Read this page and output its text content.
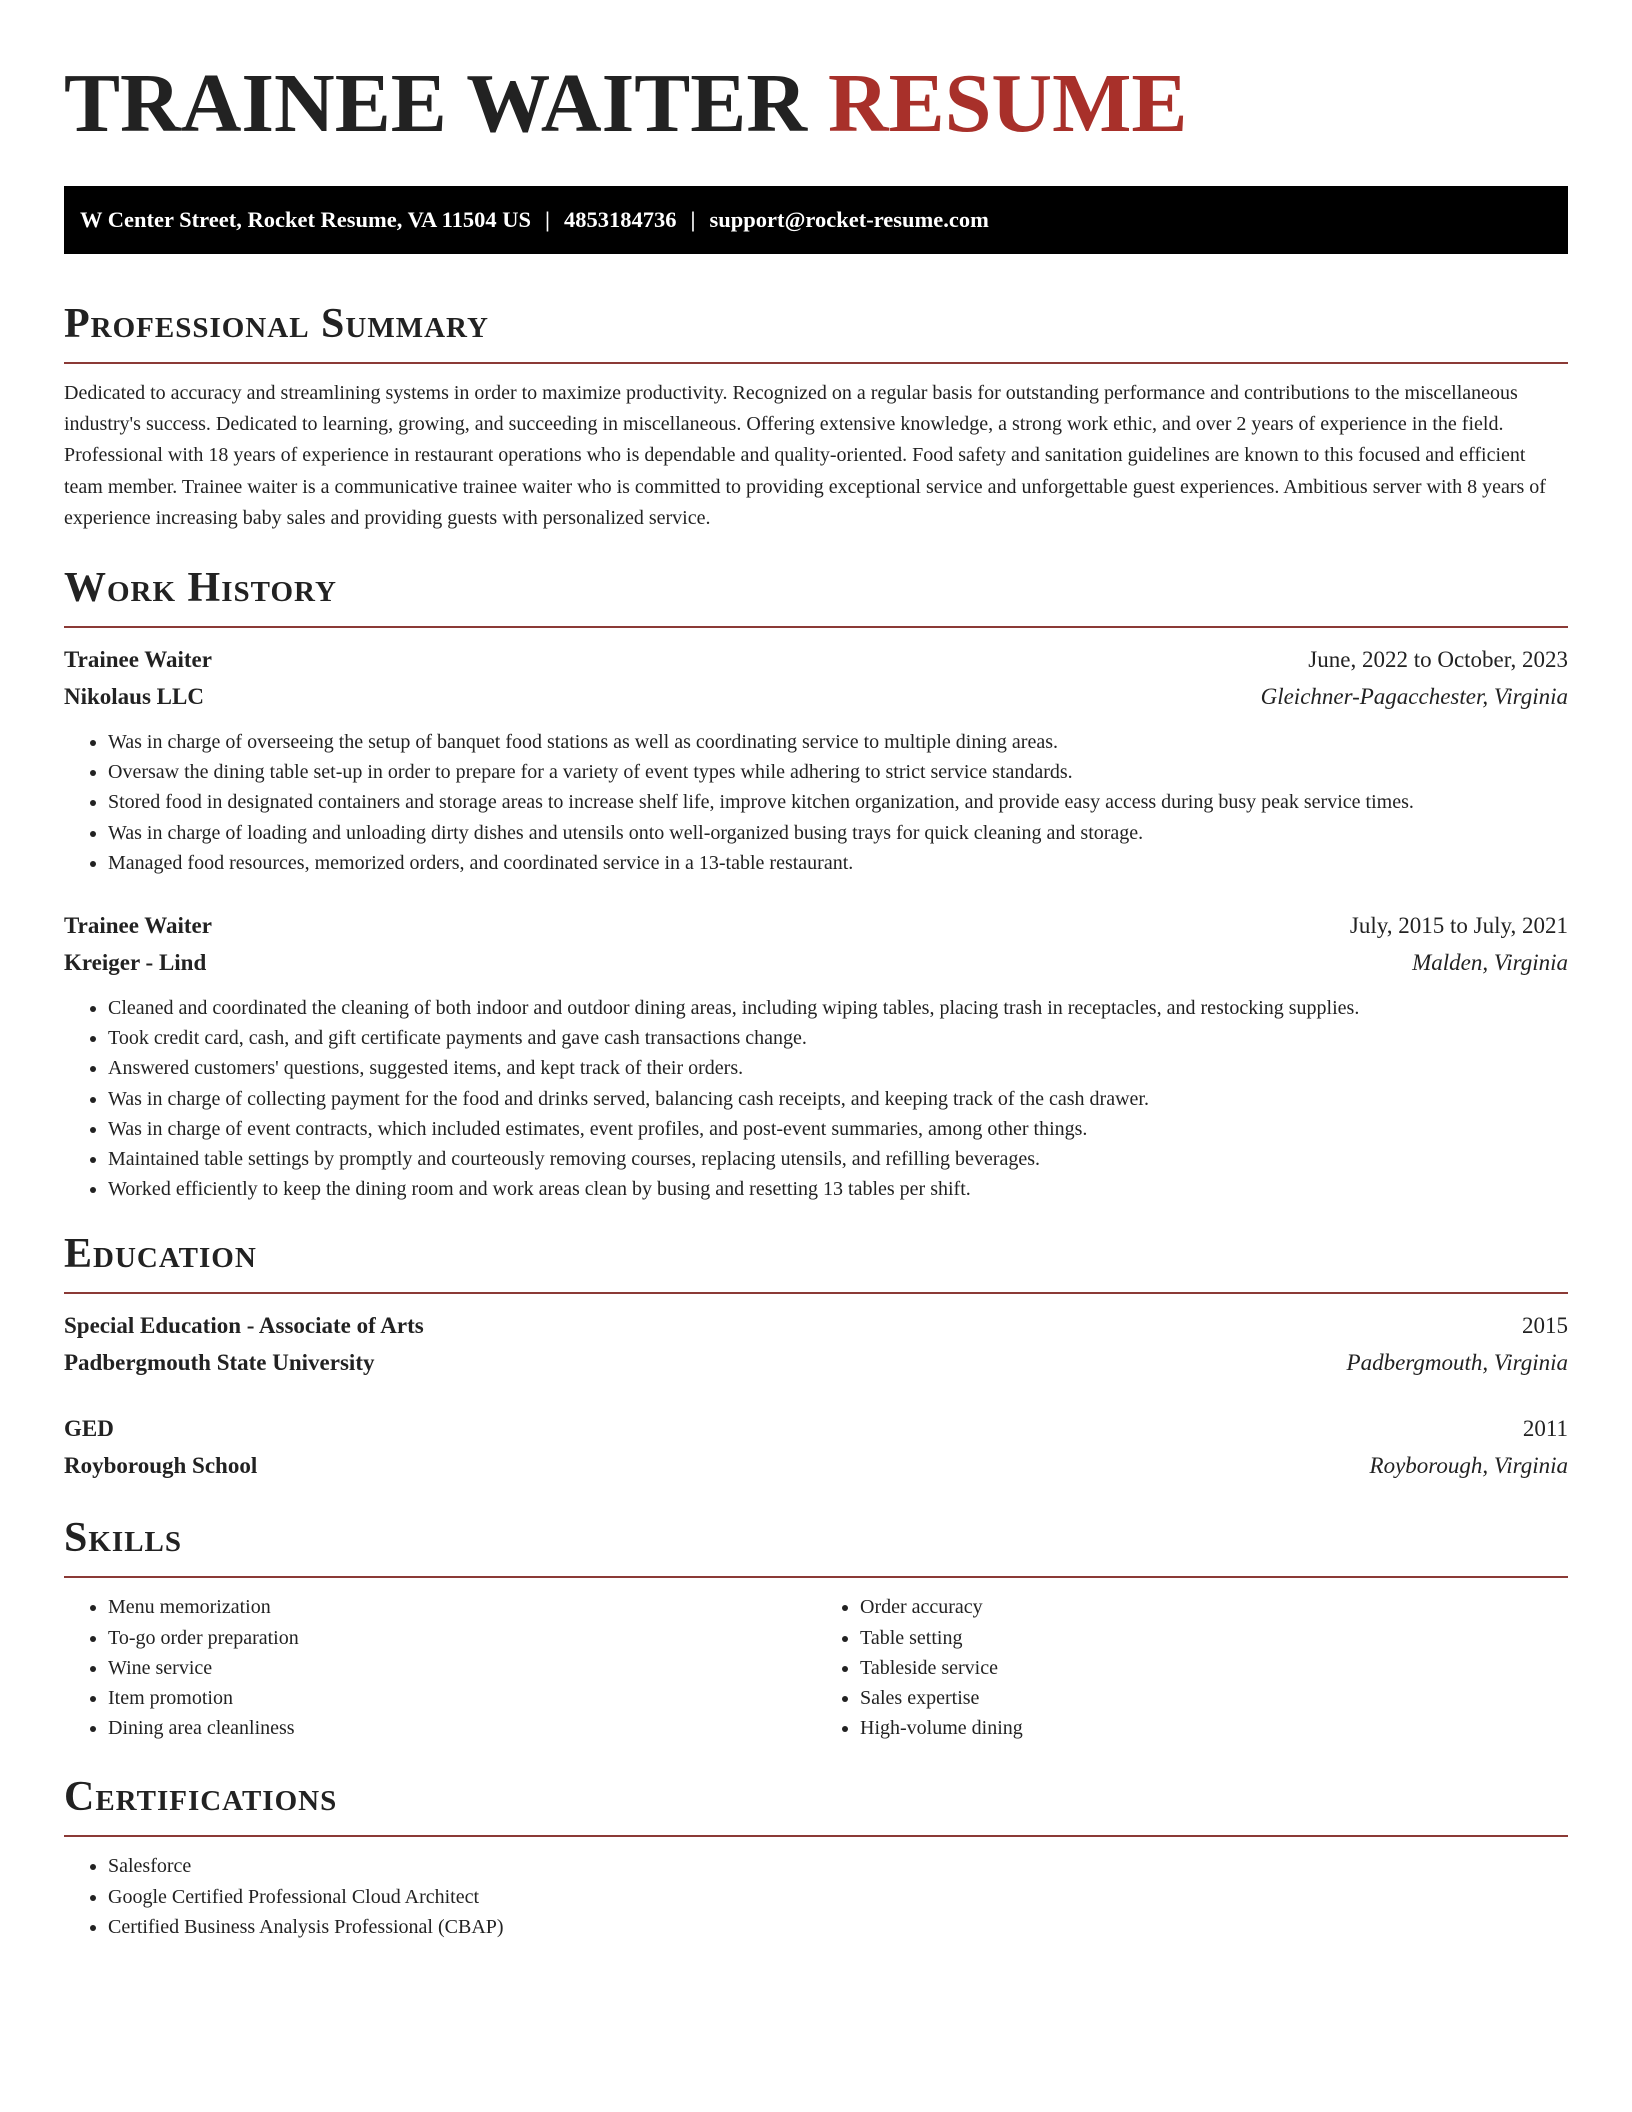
TRAINEE WAITER RESUME
W Center Street, Rocket Resume, VA 11504 US | 4853184736 | support@rocket-resume.com
Professional Summary

Dedicated to accuracy and streamlining systems in order to maximize productivity. Recognized on a regular basis for outstanding performance and contributions to the miscellaneous industry's success. Dedicated to learning, growing, and succeeding in miscellaneous. Offering extensive knowledge, a strong work ethic, and over 2 years of experience in the field. Professional with 18 years of experience in restaurant operations who is dependable and quality-oriented. Food safety and sanitation guidelines are known to this focused and efficient team member. Trainee waiter is a communicative trainee waiter who is committed to providing exceptional service and unforgettable guest experiences. Ambitious server with 8 years of experience increasing baby sales and providing guests with personalized service.

Work History
Trainee Waiter	June, 2022 to October, 2023
Nikolaus LLC	Gleichner-Pagacchester, Virginia
• Was in charge of overseeing the setup of banquet food stations as well as coordinating service to multiple dining areas.
• Oversaw the dining table set-up in order to prepare for a variety of event types while adhering to strict service standards.
• Stored food in designated containers and storage areas to increase shelf life, improve kitchen organization, and provide easy access during busy peak service times.
• Was in charge of loading and unloading dirty dishes and utensils onto well-organized busing trays for quick cleaning and storage.
• Managed food resources, memorized orders, and coordinated service in a 13-table restaurant.
Trainee Waiter	July, 2015 to July, 2021
Kreiger - Lind	Malden, Virginia
• Cleaned and coordinated the cleaning of both indoor and outdoor dining areas, including wiping tables, placing trash in receptacles, and restocking supplies.
• Took credit card, cash, and gift certificate payments and gave cash transactions change.
• Answered customers' questions, suggested items, and kept track of their orders.
• Was in charge of collecting payment for the food and drinks served, balancing cash receipts, and keeping track of the cash drawer.
• Was in charge of event contracts, which included estimates, event profiles, and post-event summaries, among other things.
• Maintained table settings by promptly and courteously removing courses, replacing utensils, and refilling beverages.
• Worked efficiently to keep the dining room and work areas clean by busing and resetting 13 tables per shift.
Education
Special Education - Associate of Arts	2015
Padbergmouth State University	Padbergmouth, Virginia
GED	2011
Royborough School	Royborough, Virginia
Skills
• Menu memorization
• To-go order preparation
• Wine service
• Item promotion
• Dining area cleanliness
• Order accuracy
• Table setting
• Tableside service
• Sales expertise
• High-volume dining
Certifications
• Salesforce
• Google Certified Professional Cloud Architect
• Certified Business Analysis Professional (CBAP)
